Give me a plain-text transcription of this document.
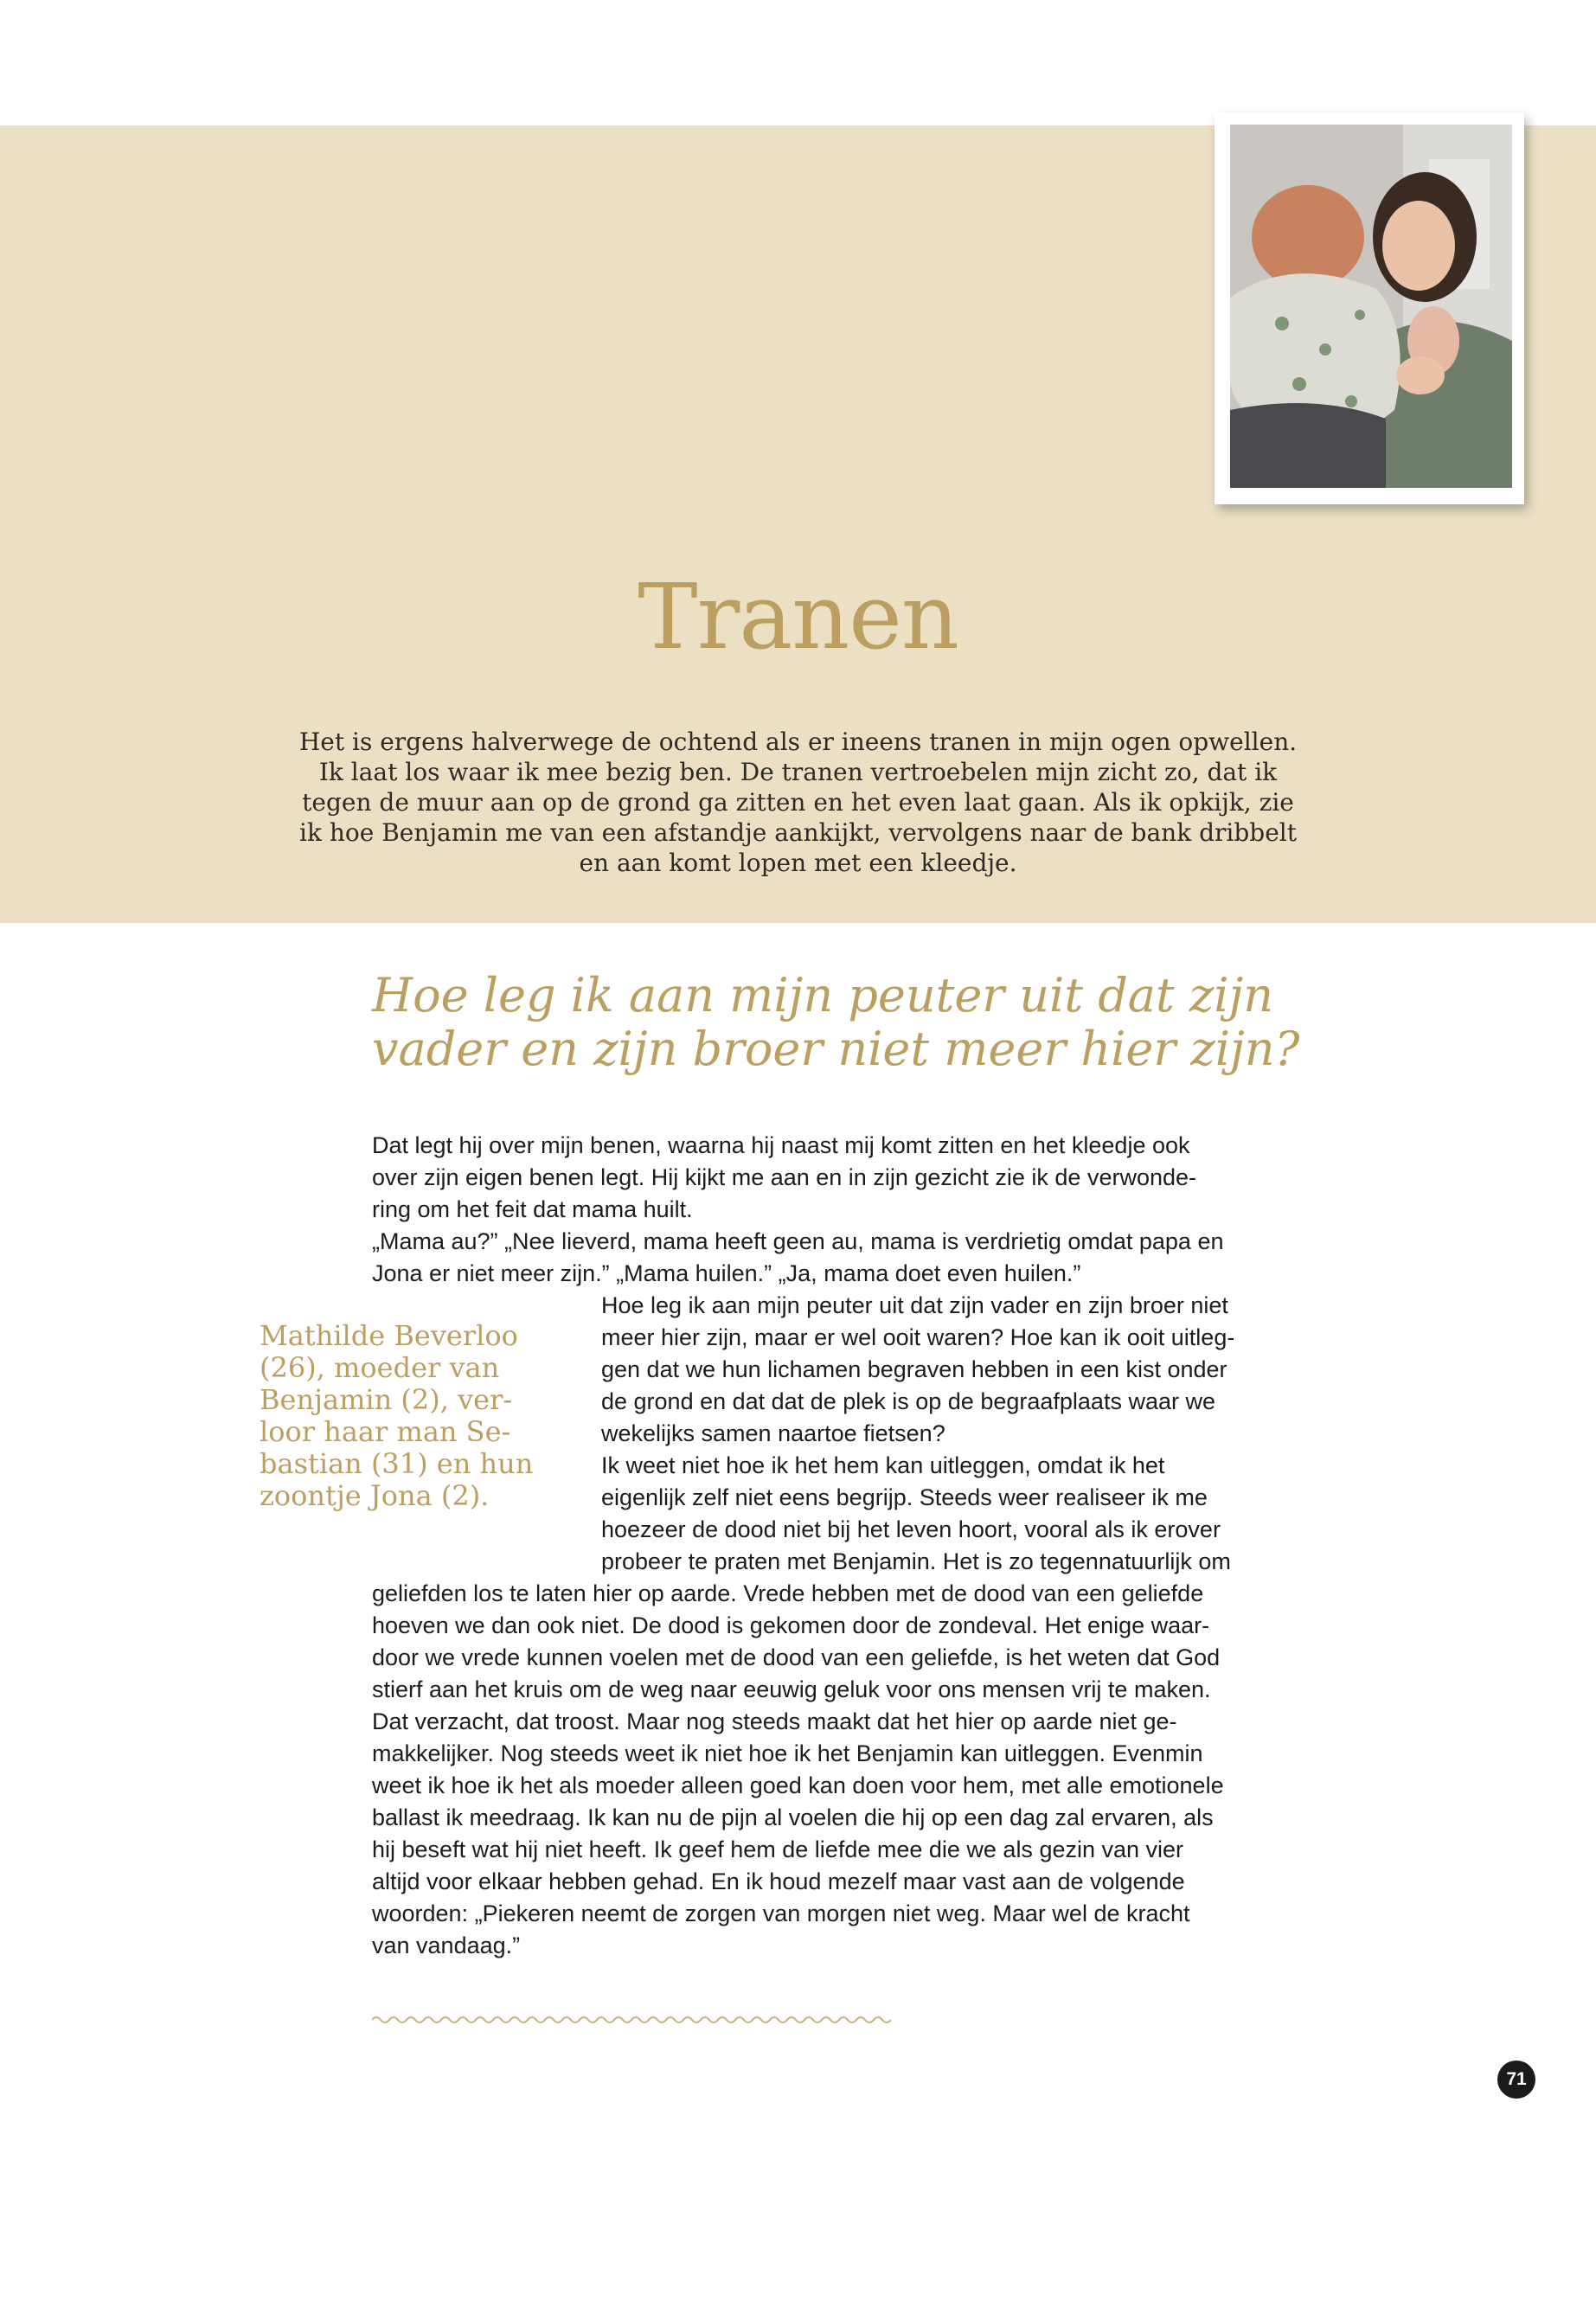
Tranen
Het is ergens halverwege de ochtend als er ineens tranen in mijn ogen opwellen.
Ik laat los waar ik mee bezig ben. De tranen vertroebelen mijn zicht zo, dat ik
tegen de muur aan op de grond ga zitten en het even laat gaan. Als ik opkijk, zie
ik hoe Benjamin me van een afstandje aankijkt, vervolgens naar de bank dribbelt
en aan komt lopen met een kleedje.
Hoe leg ik aan mijn peuter uit dat zijn
vader en zijn broer niet meer hier zijn?
Dat legt hij over mijn benen, waarna hij naast mij komt zitten en het kleedje ook
over zijn eigen benen legt. Hij kijkt me aan en in zijn gezicht zie ik de verwonde-
ring om het feit dat mama huilt.
„Mama au?” „Nee lieverd, mama heeft geen au, mama is verdrietig omdat papa en
Jona er niet meer zijn.” „Mama huilen.” „Ja, mama doet even huilen.”
Hoe leg ik aan mijn peuter uit dat zijn vader en zijn broer niet
meer hier zijn, maar er wel ooit waren? Hoe kan ik ooit uitleg-
gen dat we hun lichamen begraven hebben in een kist onder
de grond en dat dat de plek is op de begraafplaats waar we
wekelijks samen naartoe fietsen?
Ik weet niet hoe ik het hem kan uitleggen, omdat ik het
eigenlijk zelf niet eens begrijp. Steeds weer realiseer ik me
hoezeer de dood niet bij het leven hoort, vooral als ik erover
probeer te praten met Benjamin. Het is zo tegennatuurlijk om
geliefden los te laten hier op aarde. Vrede hebben met de dood van een geliefde
hoeven we dan ook niet. De dood is gekomen door de zondeval. Het enige waar-
door we vrede kunnen voelen met de dood van een geliefde, is het weten dat God
stierf aan het kruis om de weg naar eeuwig geluk voor ons mensen vrij te maken.
Dat verzacht, dat troost. Maar nog steeds maakt dat het hier op aarde niet ge-
makkelijker. Nog steeds weet ik niet hoe ik het Benjamin kan uitleggen. Evenmin
weet ik hoe ik het als moeder alleen goed kan doen voor hem, met alle emotionele
ballast ik meedraag. Ik kan nu de pijn al voelen die hij op een dag zal ervaren, als
hij beseft wat hij niet heeft. Ik geef hem de liefde mee die we als gezin van vier
altijd voor elkaar hebben gehad. En ik houd mezelf maar vast aan de volgende
woorden: „Piekeren neemt de zorgen van morgen niet weg. Maar wel de kracht
van vandaag.”
Mathilde Beverloo
(26), moeder van
Benjamin (2), ver-
loor haar man Se-
bastian (31) en hun
zoontje Jona (2).
71
